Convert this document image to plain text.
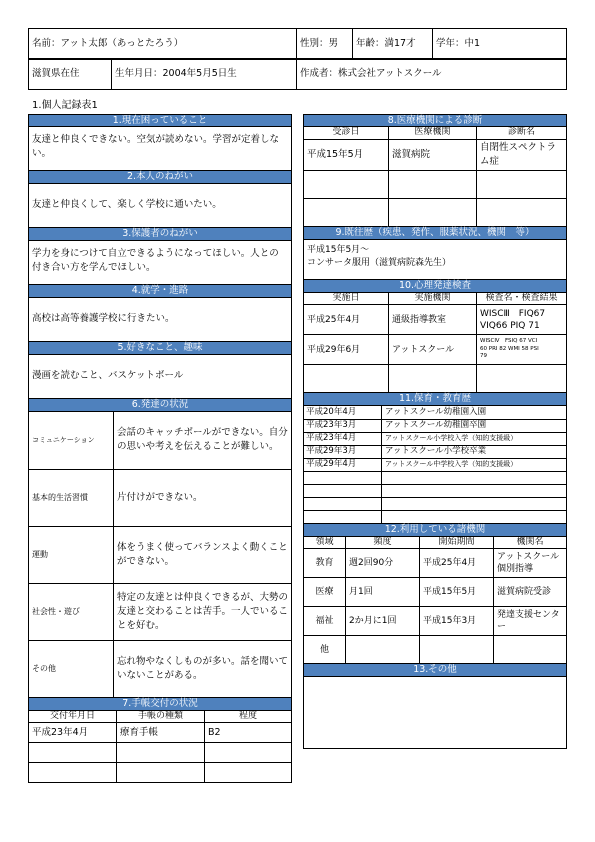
名前：アット太郎（あっとたろう）	性別：男	年齢：満17才	学年：中1
滋賀県在住	生年月日：2004年5月5日生	作成者：株式会社アットスクール
1.個人記録表1
1.現在困っていること
友達と仲良くできない。空気が読めない。学習が定着しない。
2.本人のねがい
友達と仲良くして、楽しく学校に通いたい。
3.保護者のねがい
学力を身につけて自立できるようになってほしい。人との付き合い方を学んでほしい。
4.就学・進路
高校は高等養護学校に行きたい。
5.好きなこと、趣味
漫画を読むこと、バスケットボール
6.発達の状況
コミュニケーション	会話のキャッチボールができない。自分の思いや考えを伝えることが難しい。
基本的生活習慣	片付けができない。
運動	体をうまく使ってバランスよく動くことができない。
社会性・遊び	特定の友達とは仲良くできるが、大勢の友達と交わることは苦手。一人でいることを好む。
その他	忘れ物やなくしものが多い。話を聞いていないことがある。
7.手帳交付の状況
交付年月日	手帳の種類	程度
平成23年4月	療育手帳	B2

8.医療機関による診断
受診日	医療機関	診断名
平成15年5月	滋賀病院	自閉性スペクトラム症

9.既往歴（疾患、発作、服薬状況、機関　等）
平成15年5月～
コンサータ服用（滋賀病院森先生）
10.心理発達検査
実施日	実施機関	検査名・検査結果
平成25年4月	通級指導教室	WISCⅢ　FIQ67
VIQ66 PIQ 71

平成29年6月	アットスクール	WISCⅣ　FSIQ 67 VCI
60 PRI 82 WMI 58 PSI
79

11.保育・教育歴
平成20年4月	アットスクール幼稚園入園
平成23年3月	アットスクール幼稚園卒園
平成23年4月	アットスクール小学校入学（知的支援級）
平成29年3月	アットスクール小学校卒業
平成29年4月	アットスクール中学校入学（知的支援級）

12.利用している諸機関
領域	頻度	開始期間	機関名
教育	週2回90分	平成25年4月	アットスクール個別指導
医療	月1回	平成15年5月	滋賀病院受診
福祉	2か月に1回	平成15年3月	発達支援センター
他			
13.その他
